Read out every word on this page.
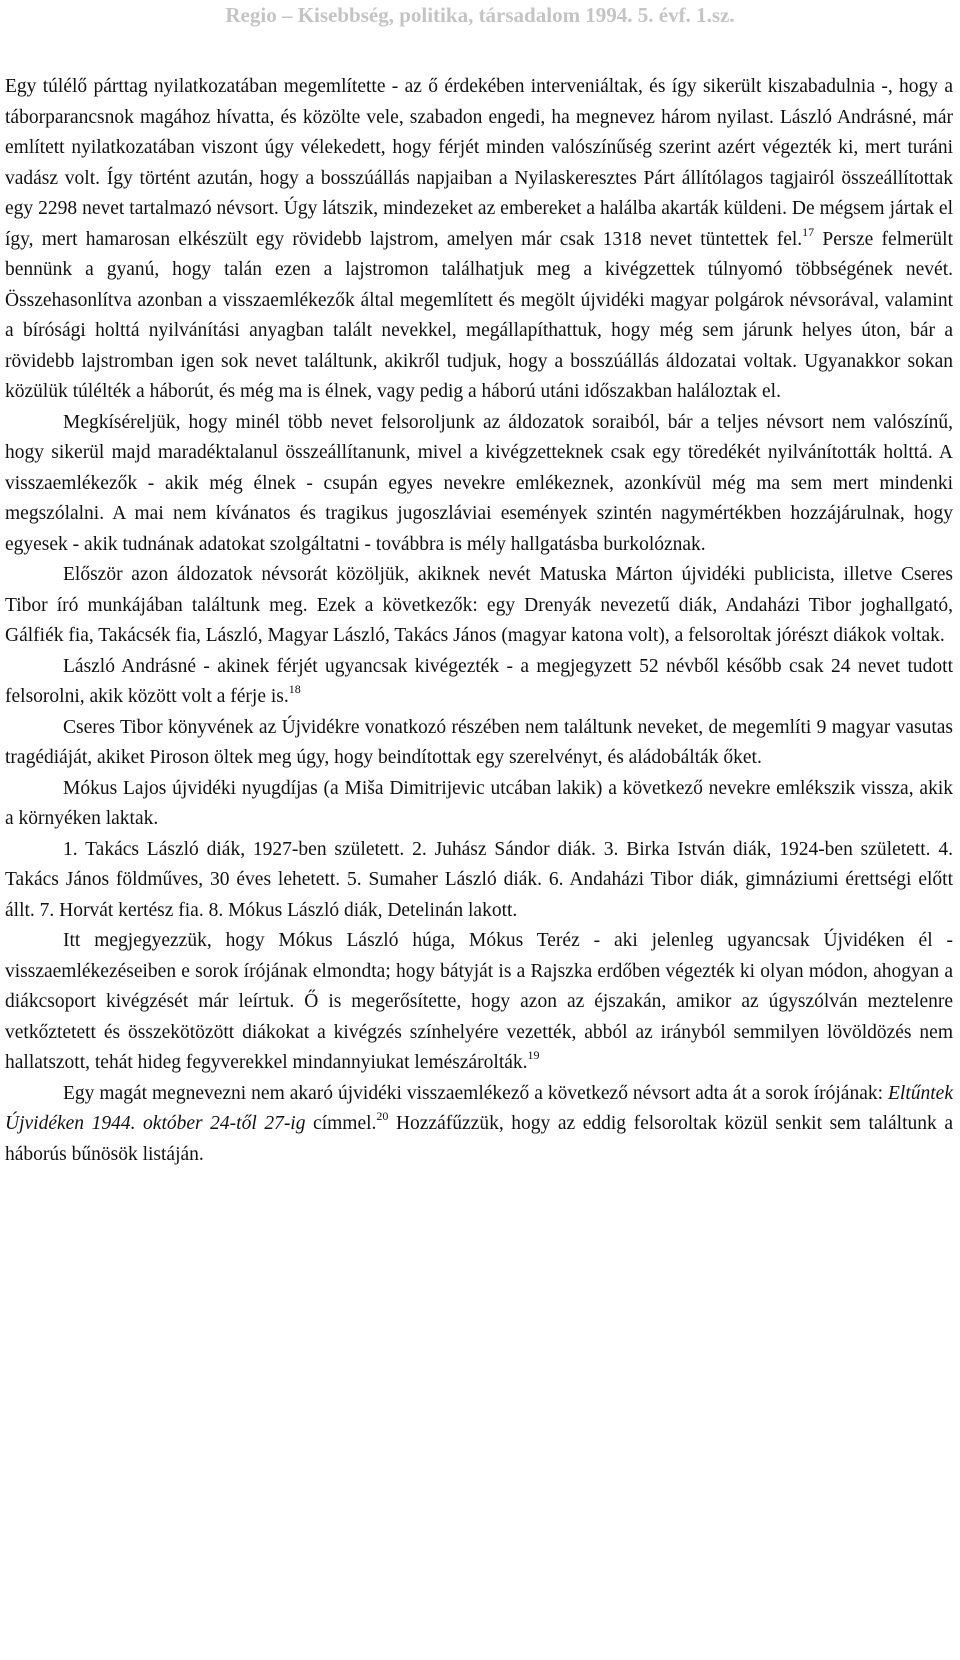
Regio – Kisebbség, politika, társadalom 1994. 5. évf. 1.sz.

Egy túlélő párttag nyilatkozatában megemlítette - az ő érdekében interveniáltak, és így sikerült kiszabadulnia -, hogy a táborparancsnok magához hívatta, és közölte vele, szabadon engedi, ha megnevez három nyilast. László Andrásné, már említett nyilatkozatában viszont úgy vélekedett, hogy férjét minden valószínűség szerint azért végezték ki, mert turáni vadász volt. Így történt azután, hogy a bosszúállás napjaiban a Nyilaskeresztes Párt állítólagos tagjairól összeállítottak egy 2298 nevet tartalmazó névsort. Úgy látszik, mindezeket az embereket a halálba akarták küldeni. De mégsem jártak el így, mert hamarosan elkészült egy rövidebb lajstrom, amelyen már csak 1318 nevet tüntettek fel.$^{17}$ Persze felmerült bennünk a gyanú, hogy talán ezen a lajstromon találhatjuk meg a kivégzettek túlnyomó többségének nevét. Összehasonlítva azonban a visszaemlékezők által megemlített és megölt újvidéki magyar polgárok névsorával, valamint a bírósági holttá nyilvánítási anyagban talált nevekkel, megállapíthattuk, hogy még sem járunk helyes úton, bár a rövidebb lajstromban igen sok nevet találtunk, akikről tudjuk, hogy a bosszúállás áldozatai voltak. Ugyanakkor sokan közülük túlélték a háborút, és még ma is élnek, vagy pedig a háború utáni időszakban haláloztak el.

Megkíséreljük, hogy minél több nevet felsoroljunk az áldozatok soraiból, bár a teljes névsort nem valószínű, hogy sikerül majd maradéktalanul összeállítanunk, mivel a kivégzetteknek csak egy töredékét nyilvánították holttá. A visszaemlékezők - akik még élnek - csupán egyes nevekre emlékeznek, azonkívül még ma sem mert mindenki megszólalni. A mai nem kívánatos és tragikus jugoszláviai események szintén nagymértékben hozzájárulnak, hogy egyesek - akik tudnának adatokat szolgáltatni - továbbra is mély hallgatásba burkolóznak.

Először azon áldozatok névsorát közöljük, akiknek nevét Matuska Márton újvidéki publicista, illetve Cseres Tibor író munkájában találtunk meg. Ezek a következők: egy Drenyák nevezetű diák, Andaházi Tibor joghallgató, Gálfiék fia, Takácsék fia, László, Magyar László, Takács János (magyar katona volt), a felsoroltak jórészt diákok voltak.

László Andrásné - akinek férjét ugyancsak kivégezték - a megjegyzett 52 névből később csak 24 nevet tudott felsorolni, akik között volt a férje is.$^{18}$

Cseres Tibor könyvének az Újvidékre vonatkozó részében nem találtunk neveket, de megemlíti 9 magyar vasutas tragédiáját, akiket Piroson öltek meg úgy, hogy beindítottak egy szerelvényt, és aládobálták őket.

Mókus Lajos újvidéki nyugdíjas (a Miša Dimitrijevic utcában lakik) a következő nevekre emlékszik vissza, akik a környéken laktak.

1. Takács László diák, 1927-ben született. 2. Juhász Sándor diák. 3. Birka István diák, 1924-ben született. 4. Takács János földműves, 30 éves lehetett. 5. Sumaher László diák. 6. Andaházi Tibor diák, gimnáziumi érettségi előtt állt. 7. Horvát kertész fia. 8. Mókus László diák, Detelinán lakott.

Itt megjegyezzük, hogy Mókus László húga, Mókus Teréz - aki jelenleg ugyancsak Újvidéken él - visszaemlékezéseiben e sorok írójának elmondta; hogy bátyját is a Rajszka erdőben végezték ki olyan módon, ahogyan a diákcsoport kivégzését már leírtuk. Ő is megerősítette, hogy azon az éjszakán, amikor az úgyszólván meztelenre vetkőztetett és összekötözött diákokat a kivégzés színhelyére vezették, abból az irányból semmilyen lövöldözés nem hallatszott, tehát hideg fegyverekkel mindannyiukat lemészárolták.$^{19}$

Egy magát megnevezni nem akaró újvidéki visszaemlékező a következő névsort adta át a sorok írójának: Eltűntek Újvidéken 1944. október 24-től 27-ig címmel.$^{20}$ Hozzáfűzzük, hogy az eddig felsoroltak közül senkit sem találtunk a háborús bűnösök listáján.
